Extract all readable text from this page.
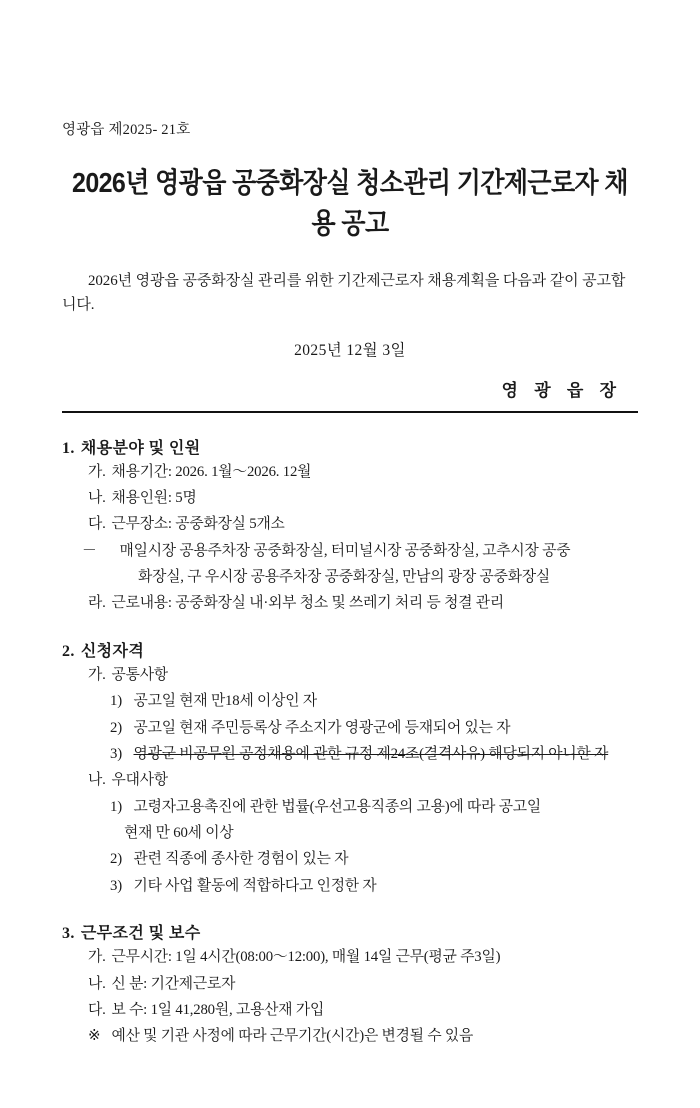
영광읍 제2025- 21호
2026년 영광읍 공중화장실 청소관리 기간제근로자 채용 공고
2026년 영광읍 공중화장실 관리를 위한 기간제근로자 채용계획을 다음과 같이 공고합니다.
2025년 12월 3일
영 광 읍 장
1. 채용분야 및 인원
가. 채용기간: 2026. 1월～2026. 12월
나. 채용인원: 5명
다. 근무장소: 공중화장실 5개소
－ 매일시장 공용주차장 공중화장실, 터미널시장 공중화장실, 고추시장 공중
화장실, 구 우시장 공용주차장 공중화장실, 만남의 광장 공중화장실
라. 근로내용: 공중화장실 내·외부 청소 및 쓰레기 처리 등 청결 관리
2. 신청자격
가. 공통사항
1) 공고일 현재 만18세 이상인 자
2) 공고일 현재 주민등록상 주소지가 영광군에 등재되어 있는 자
3) 영광군 비공무원 공정채용에 관한 규정 제24조(결격사유) 해당되지 아니한 자
나. 우대사항
1) 고령자고용촉진에 관한 법률(우선고용직종의 고용)에 따라 공고일
현재 만 60세 이상
2) 관련 직종에 종사한 경험이 있는 자
3) 기타 사업 활동에 적합하다고 인정한 자
3. 근무조건 및 보수
가. 근무시간: 1일 4시간(08:00～12:00), 매월 14일 근무(평균 주3일)
나. 신 분: 기간제근로자
다. 보 수: 1일 41,280원, 고용산재 가입
※ 예산 및 기관 사정에 따라 근무기간(시간)은 변경될 수 있음
